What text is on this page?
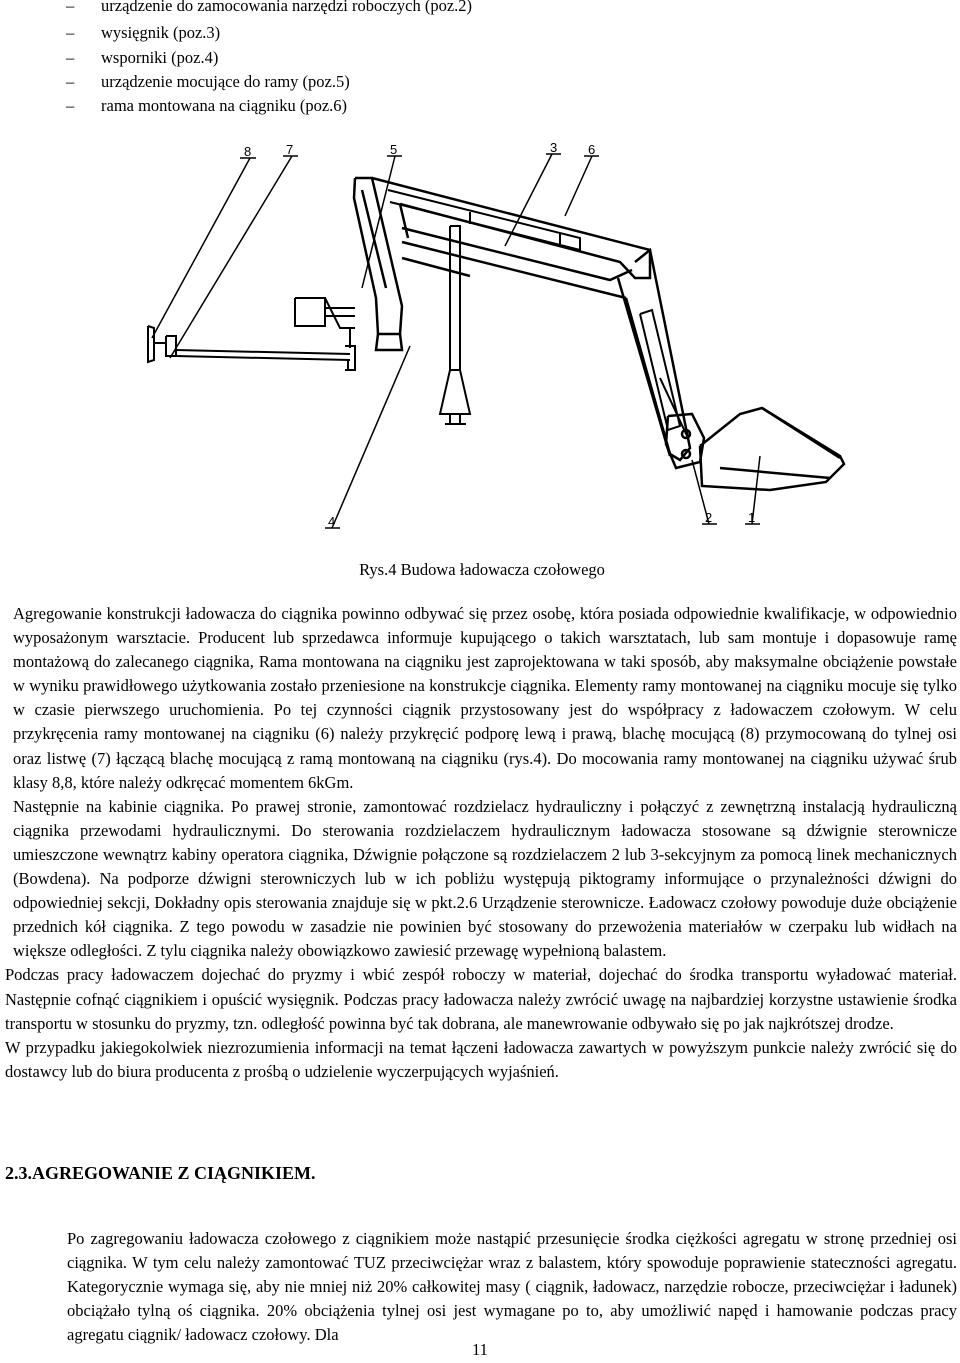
– urządzenie do zamocowania narzędzi roboczych (poz.2)
– wysięgnik (poz.3)
– wsporniki (poz.4)
– urządzenie mocujące do ramy (poz.5)
– rama montowana na ciągniku (poz.6)
8	7	5	3 6
4	2	1
Rys.4 Budowa ładowacza czołowego

Agregowanie konstrukcji ładowacza do ciągnika powinno odbywać się przez osobę, która posiada odpowiednie kwalifikacje, w odpowiednio wyposażonym warsztacie. Producent lub sprzedawca informuje kupującego o takich warsztatach, lub sam montuje i dopasowuje ramę montażową do zalecanego ciągnika, Rama montowana na ciągniku jest zaprojektowana w taki sposób, aby maksymalne obciążenie powstałe w wyniku prawidłowego użytkowania zostało przeniesione na konstrukcje ciągnika. Elementy ramy montowanej na ciągniku mocuje się tylko w czasie pierwszego uruchomienia. Po tej czynności ciągnik przystosowany jest do współpracy z ładowaczem czołowym. W celu przykręcenia ramy montowanej na ciągniku (6) należy przykręcić podporę lewą i prawą, blachę mocującą (8) przymocowaną do tylnej osi oraz listwę (7) łączącą blachę mocującą z ramą montowaną na ciągniku (rys.4). Do mocowania ramy montowanej na ciągniku używać śrub klasy 8,8, które należy odkręcać momentem 6kGm.

Następnie na kabinie ciągnika. Po prawej stronie, zamontować rozdzielacz hydrauliczny i połączyć z zewnętrzną instalacją hydrauliczną ciągnika przewodami hydraulicznymi. Do sterowania rozdzielaczem hydraulicznym ładowacza stosowane są dźwignie sterownicze umieszczone wewnątrz kabiny operatora ciągnika, Dźwignie połączone są rozdzielaczem 2 lub 3-sekcyjnym za pomocą linek mechanicznych (Bowdena). Na podporze dźwigni sterowniczych lub w ich pobliżu występują piktogramy informujące o przynależności dźwigni do odpowiedniej sekcji, Dokładny opis sterowania znajduje się w pkt.2.6 Urządzenie sterownicze. Ładowacz czołowy powoduje duże obciążenie przednich kół ciągnika. Z tego powodu w zasadzie nie powinien być stosowany do przewożenia materiałów w czerpaku lub widłach na większe odległości. Z tylu ciągnika należy obowiązkowo zawiesić przewagę wypełnioną balastem.

Podczas pracy ładowaczem dojechać do pryzmy i wbić zespół roboczy w materiał, dojechać do środka transportu wyładować materiał. Następnie cofnąć ciągnikiem i opuścić wysięgnik. Podczas pracy ładowacza należy zwrócić uwagę na najbardziej korzystne ustawienie środka transportu w stosunku do pryzmy, tzn. odległość powinna być tak dobrana, ale manewrowanie odbywało się po jak najkrótszej drodze.

W przypadku jakiegokolwiek niezrozumienia informacji na temat łączeni ładowacza zawartych w powyższym punkcie należy zwrócić się do dostawcy lub do biura producenta z prośbą o udzielenie wyczerpujących wyjaśnień.

2.3.AGREGOWANIE Z CIĄGNIKIEM.

Po zagregowaniu ładowacza czołowego z ciągnikiem może nastąpić przesunięcie środka ciężkości agregatu w stronę przedniej osi ciągnika. W tym celu należy zamontować TUZ przeciwciężar wraz z balastem, który spowoduje poprawienie stateczności agregatu. Kategorycznie wymaga się, aby nie mniej niż 20% całkowitej masy ( ciągnik, ładowacz, narzędzie robocze, przeciwciężar i ładunek) obciążało tylną oś ciągnika. 20% obciążenia tylnej osi jest wymagane po to, aby umożliwić napęd i hamowanie podczas pracy agregatu ciągnik/ ładowacz czołowy. Dla

11
